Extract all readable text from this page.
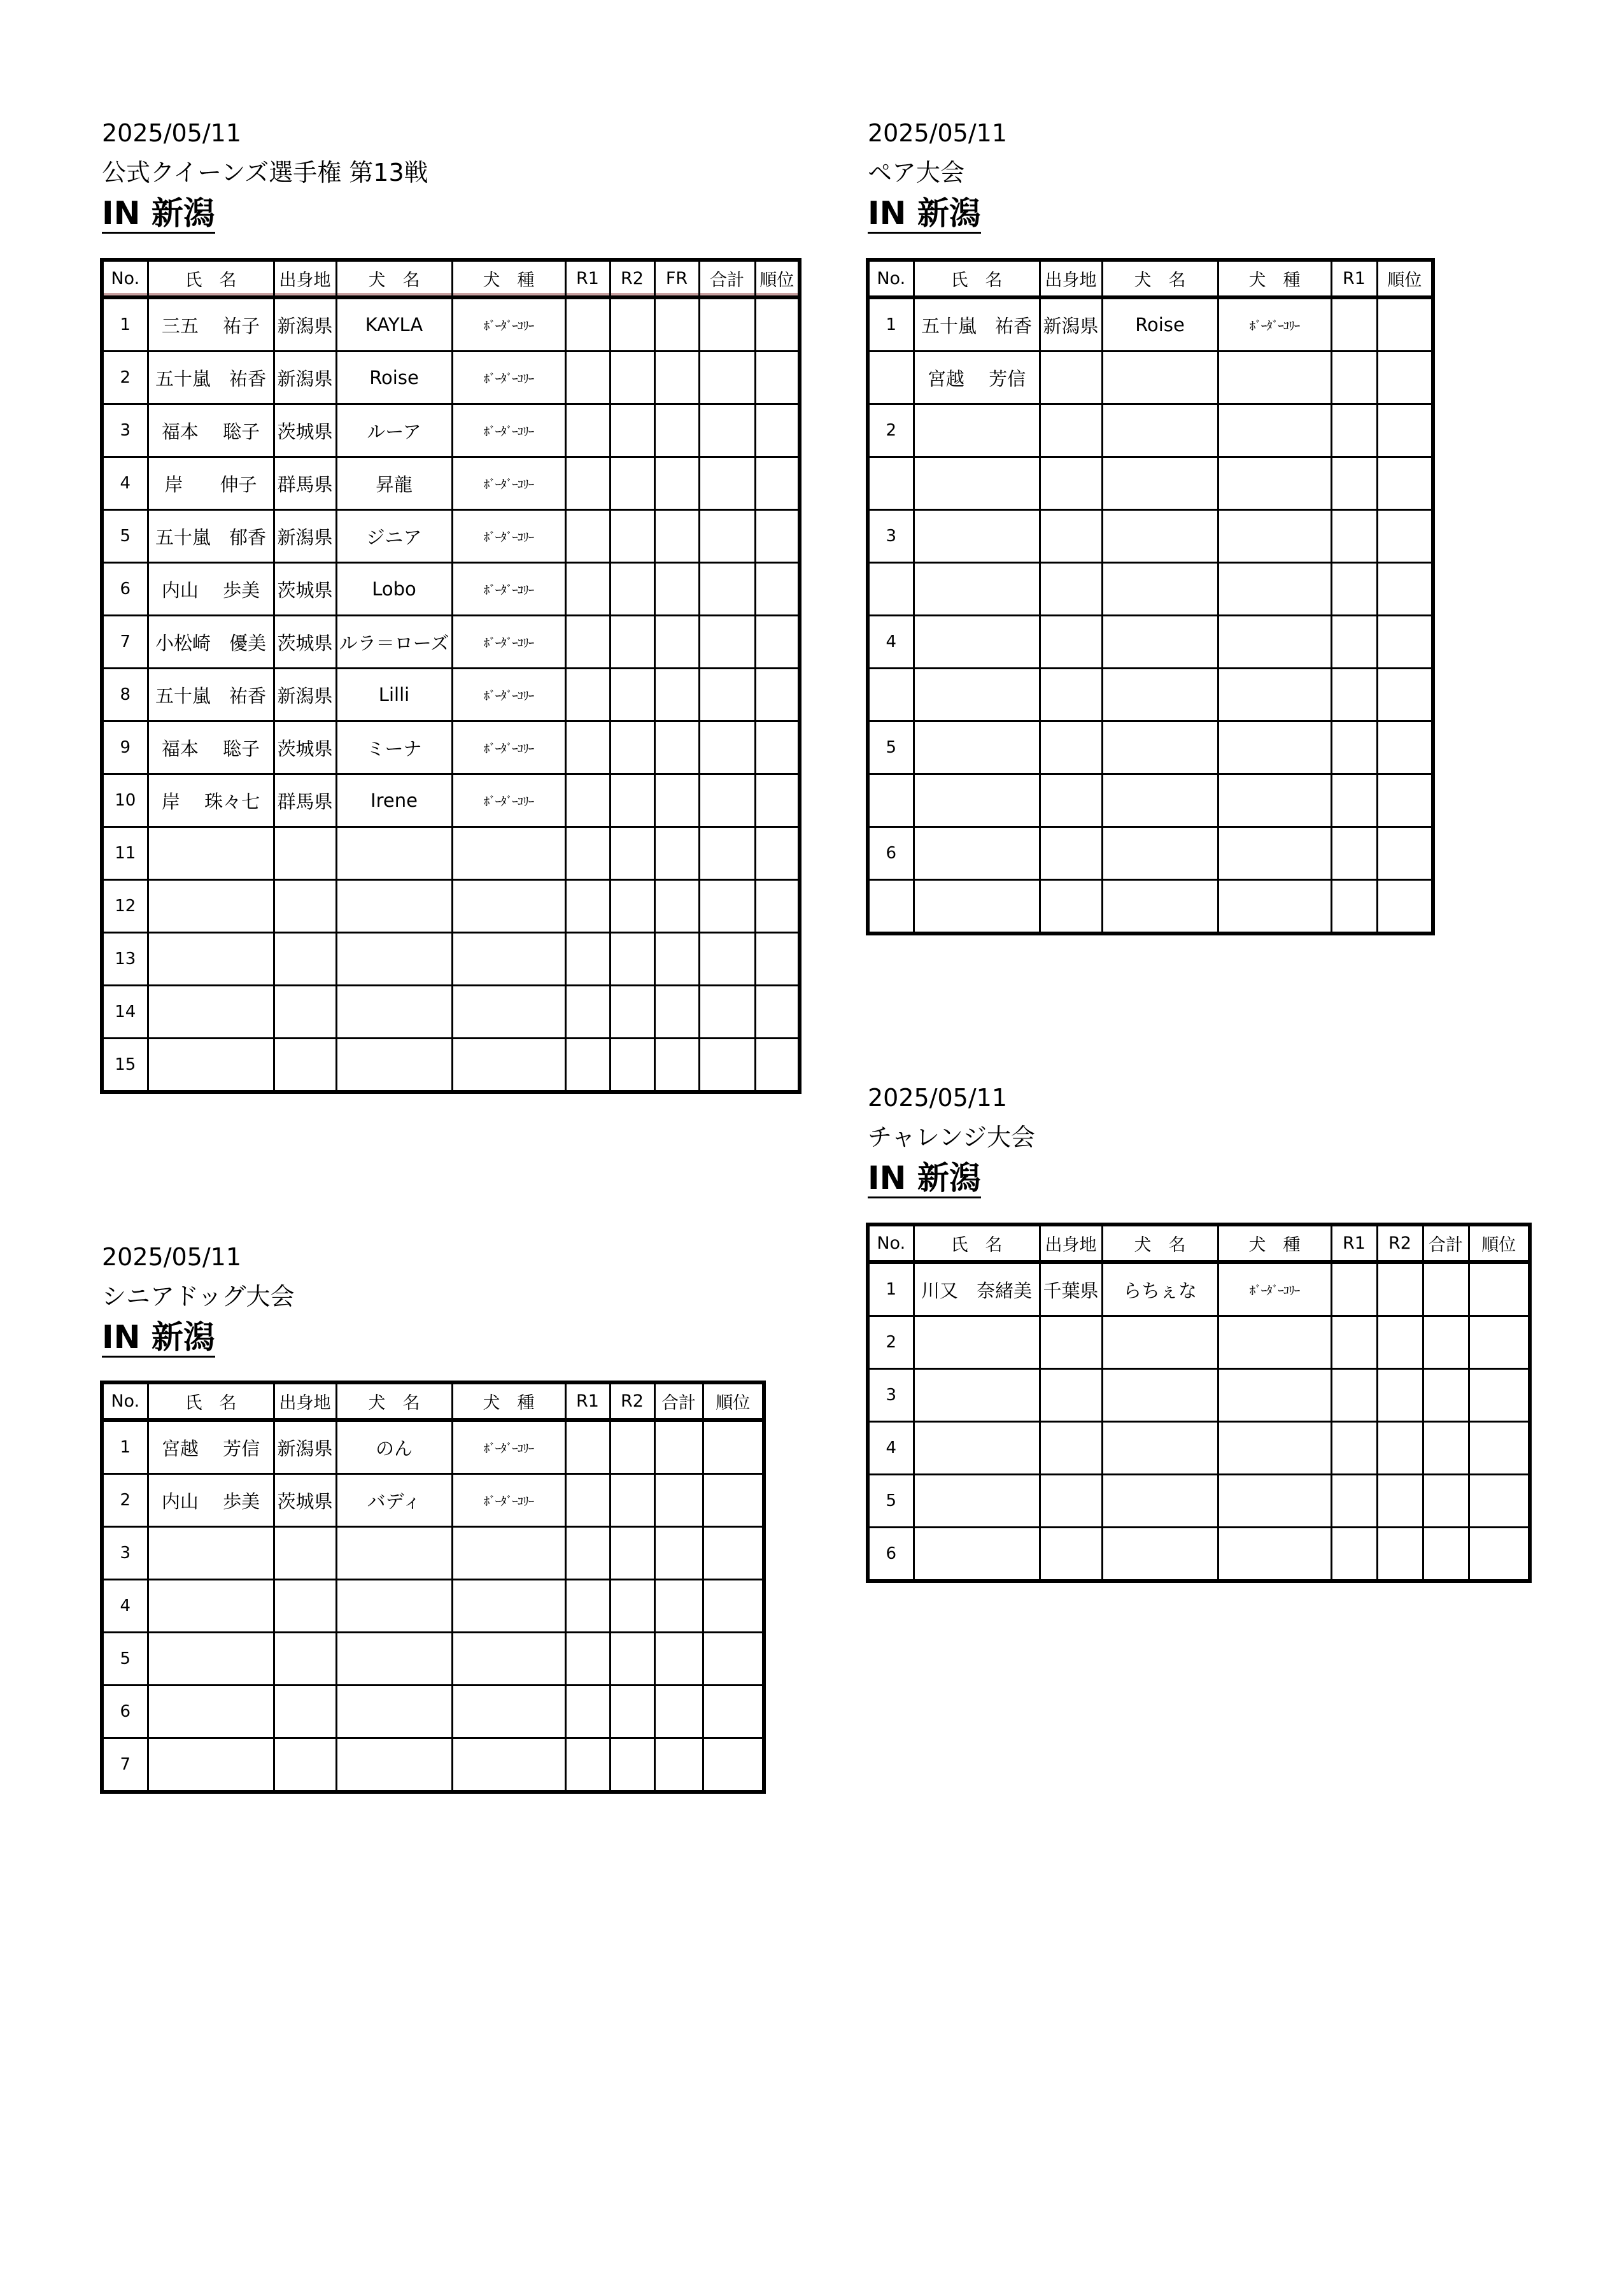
2025/05/11
公式クイーンズ選手権 第13戦
IN 新潟
No.	氏　名	出身地	犬　名	犬　種	R1	R2	FR	合計	順位
1	三五　 祐子	新潟県	KAYLA	ﾎﾞｰﾀﾞｰｺﾘｰ					
2	五十嵐　祐香	新潟県	Roise	ﾎﾞｰﾀﾞｰｺﾘｰ					
3	福本　 聡子	茨城県	ルーア	ﾎﾞｰﾀﾞｰｺﾘｰ					
4	岸　　伸子	群馬県	昇龍	ﾎﾞｰﾀﾞｰｺﾘｰ					
5	五十嵐　郁香	新潟県	ジニア	ﾎﾞｰﾀﾞｰｺﾘｰ					
6	内山　 歩美	茨城県	Lobo	ﾎﾞｰﾀﾞｰｺﾘｰ					
7	小松崎　優美	茨城県	ルラ＝ローズ	ﾎﾞｰﾀﾞｰｺﾘｰ					
8	五十嵐　祐香	新潟県	Lilli	ﾎﾞｰﾀﾞｰｺﾘｰ					
9	福本　 聡子	茨城県	ミーナ	ﾎﾞｰﾀﾞｰｺﾘｰ					
10	岸　 珠々七	群馬県	Irene	ﾎﾞｰﾀﾞｰｺﾘｰ					
11									
12									
13									
14									
15									
2025/05/11
ペア大会
IN 新潟
No.	氏　名	出身地	犬　名	犬　種	R1	順位
1	五十嵐　祐香	新潟県	Roise	ﾎﾞｰﾀﾞｰｺﾘｰ		
	宮越　 芳信					
2						

3						

4						

5						

6						

2025/05/11
チャレンジ大会
IN 新潟
No.	氏　名	出身地	犬　名	犬　種	R1	R2	合計	順位
1	川又　奈緒美	千葉県	らちぇな	ﾎﾞｰﾀﾞｰｺﾘｰ				
2								
3								
4								
5								
6								
2025/05/11
シニアドッグ大会
IN 新潟
No.	氏　名	出身地	犬　名	犬　種	R1	R2	合計	順位
1	宮越　 芳信	新潟県	のん	ﾎﾞｰﾀﾞｰｺﾘｰ				
2	内山　 歩美	茨城県	バディ	ﾎﾞｰﾀﾞｰｺﾘｰ				
3								
4								
5								
6								
7								
